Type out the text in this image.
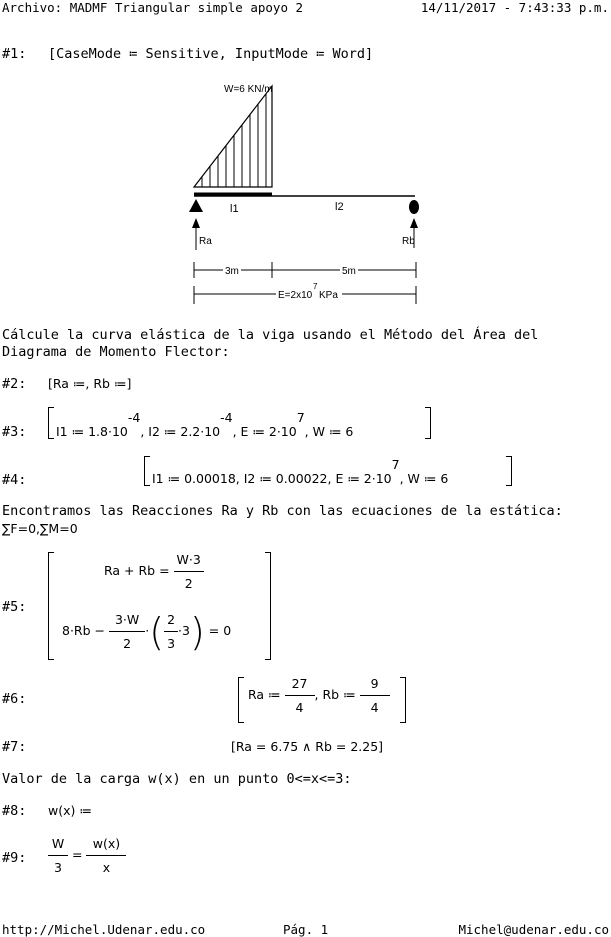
Archivo: MADMF Triangular simple apoyo 2	14/11/2017 - 7:43:33 p.m.
#1: [CaseMode ≔ Sensitive, InputMode ≔ Word]
W=6 KN/m
l1	l2
Ra	Rb
3m	5m
E=2x10
7
KPa
Cálcule la curva elástica de la viga usando el Método del Área del Diagrama de Momento Flector:
#2: [Ra ≔, Rb ≔]
#3: I1 ≔ 1.8·10-4, I2 ≔ 2.2·10-4, E ≔ 2·107, W ≔ 6
#4:	I1 ≔ 0.00018, I2 ≔ 0.00022, E ≔ 2·107, W ≔ 6
Encontramos las Reacciones Ra y Rb con las ecuaciones de la estática: ∑F=0,∑M=0
#5:
$Ra + Rb = \frac{W\cdot 3}{2}$
$8\cdot Rb - \frac{3\cdot W}{2}$ ·( $\frac{2}{3} \cdot 3) = 0$
#6:	Ra ≔ $\frac{27}{4}$ , Rb ≔ $\frac{9}{4}$
#7:	[Ra = 6.75 ∧ Rb = 2.25]
Valor de la carga w(x) en un punto 0<=x<=3:
#8: w(x) ≔
#9: $\frac{W}{3} = \frac{w(x)}{x}$
http://Michel.Udenar.edu.co	Pág. 1	Michel@udenar.edu.co
